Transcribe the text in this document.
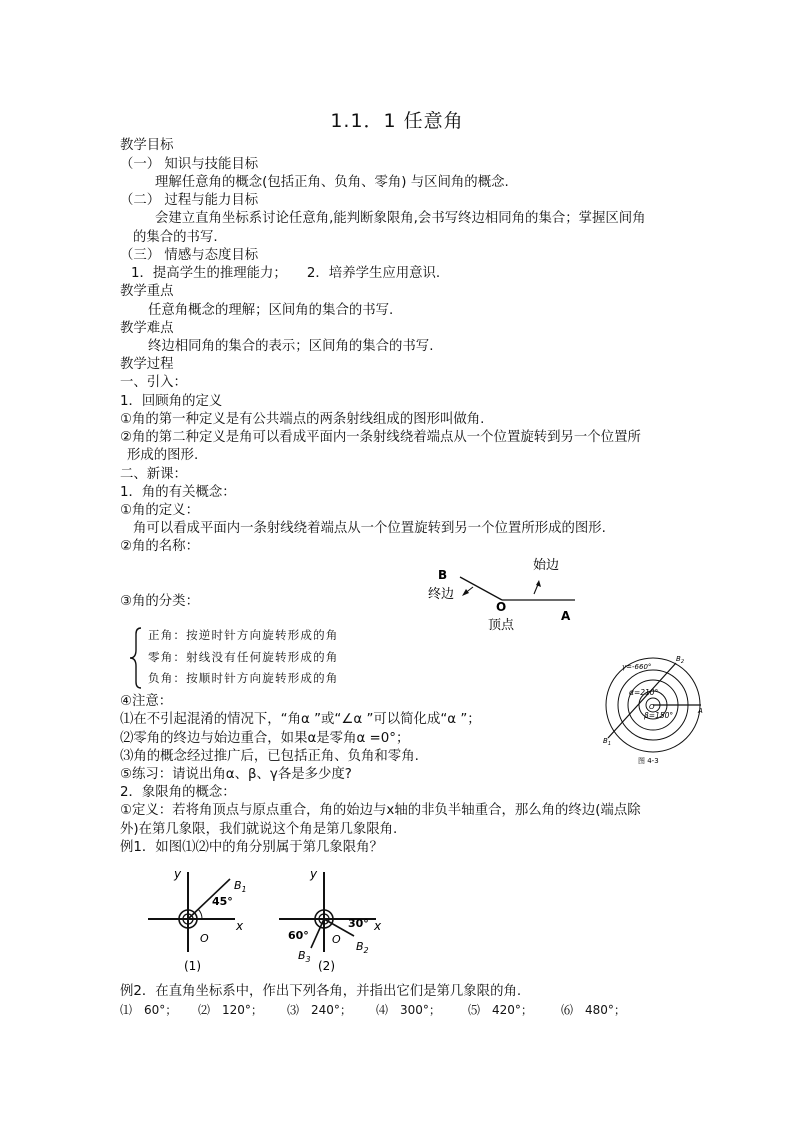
1.1．1 任意角
教学目标
（一） 知识与技能目标
理解任意角的概念(包括正角、负角、零角) 与区间角的概念.
（二） 过程与能力目标
会建立直角坐标系讨论任意角,能判断象限角,会书写终边相同角的集合；掌握区间角
的集合的书写.
（三） 情感与态度目标
1．提高学生的推理能力；　　2．培养学生应用意识.
教学重点
任意角概念的理解；区间角的集合的书写.
教学难点
终边相同角的集合的表示；区间角的集合的书写.
教学过程
一、引入：
1．回顾角的定义
①角的第一种定义是有公共端点的两条射线组成的图形叫做角.
②角的第二种定义是角可以看成平面内一条射线绕着端点从一个位置旋转到另一个位置所
形成的图形.
二、新课：
1．角的有关概念：
①角的定义：
角可以看成平面内一条射线绕着端点从一个位置旋转到另一个位置所形成的图形.
②角的名称：
③角的分类：
正角：按逆时针方向旋转形成的角
零角：射线没有任何旋转形成的角
负角：按顺时针方向旋转形成的角
④注意：
⑴在不引起混淆的情况下，“角α ”或“∠α ”可以简化成“α ”；
⑵零角的终边与始边重合，如果α是零角α =0°；
⑶角的概念经过推广后，已包括正角、负角和零角.
⑤练习：请说出角α、β、γ各是多少度?
2．象限角的概念：
①定义：若将角顶点与原点重合，角的始边与x轴的非负半轴重合，那么角的终边(端点除
外)在第几象限，我们就说这个角是第几象限角.
例1．如图⑴⑵中的角分别属于第几象限角？
例2．在直角坐标系中，作出下列各角，并指出它们是第几象限的角.
⑴　60°； ⑵　120°； ⑶　240°； ⑷　300°； ⑸　420°； ⑹　480°；
B
O
A
始边
终边
顶点
γ=-660°
α=210°
β=150°
O	A
$B_2$
$B_1$
图 4-3
y
x
O
45°
$B_1$
(1)
y
x
O
30°
60°
$B_2$
$B_3$ (2)
